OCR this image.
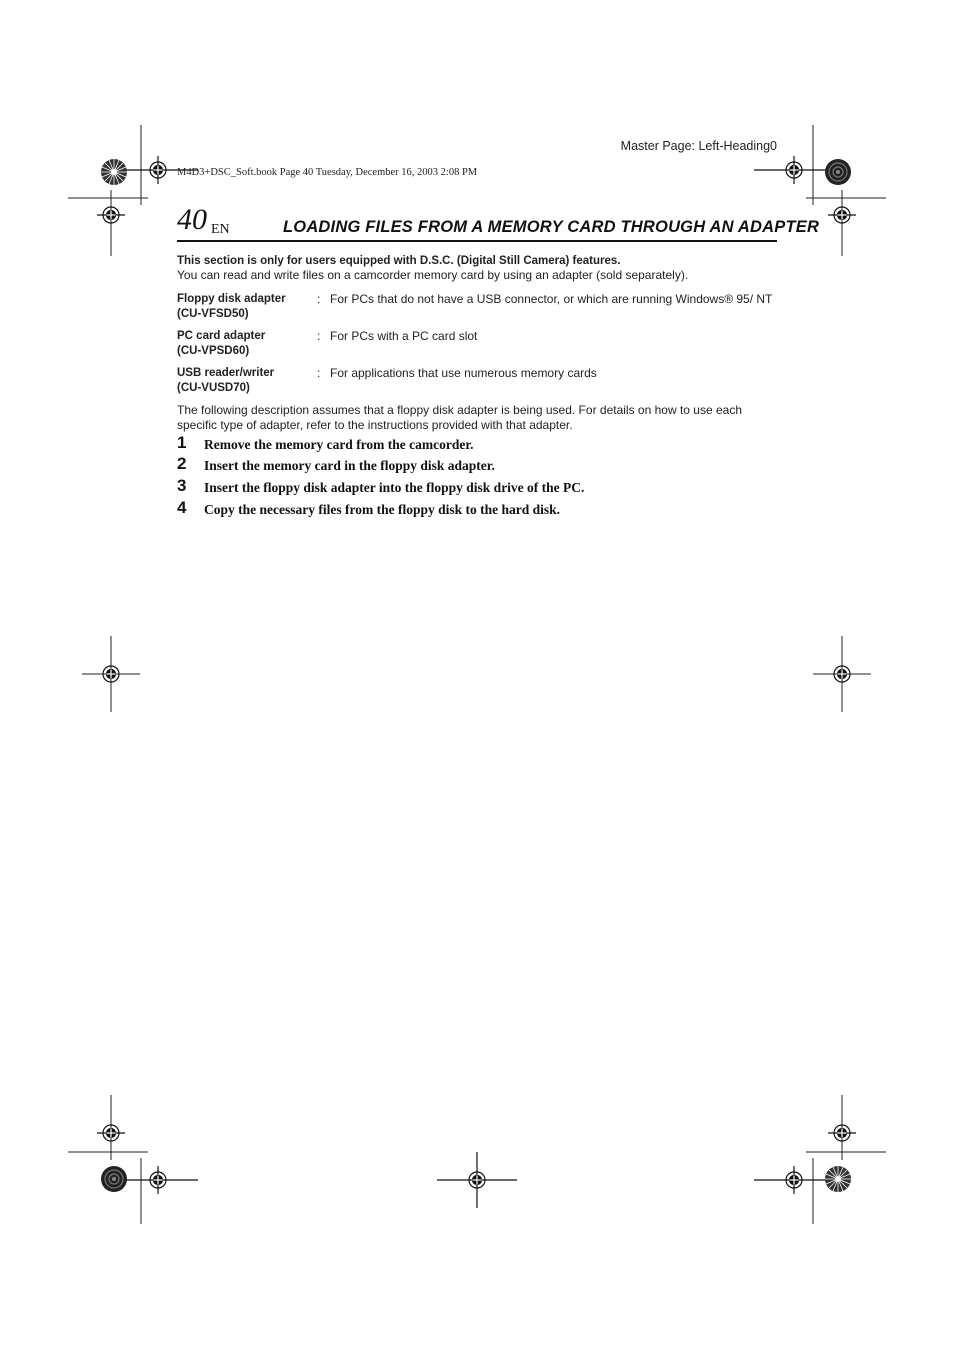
Master Page: Left-Heading0
M4D3+DSC_Soft.book Page 40 Tuesday, December 16, 2003 2:08 PM
40 EN	LOADING FILES FROM A MEMORY CARD THROUGH AN ADAPTER
This section is only for users equipped with D.S.C. (Digital Still Camera) features.
You can read and write files on a camcorder memory card by using an adapter (sold separately).
Floppy disk adapter
(CU-VFSD50)
: For PCs that do not have a USB connector, or which are running Windows® 95/ NT
PC card adapter
(CU-VPSD60)
: For PCs with a PC card slot
USB reader/writer
(CU-VUSD70)
: For applications that use numerous memory cards
The following description assumes that a floppy disk adapter is being used. For details on how to use each specific type of adapter, refer to the instructions provided with that adapter.
1 Remove the memory card from the camcorder.
2 Insert the memory card in the floppy disk adapter.
3 Insert the floppy disk adapter into the floppy disk drive of the PC.
4 Copy the necessary files from the floppy disk to the hard disk.
